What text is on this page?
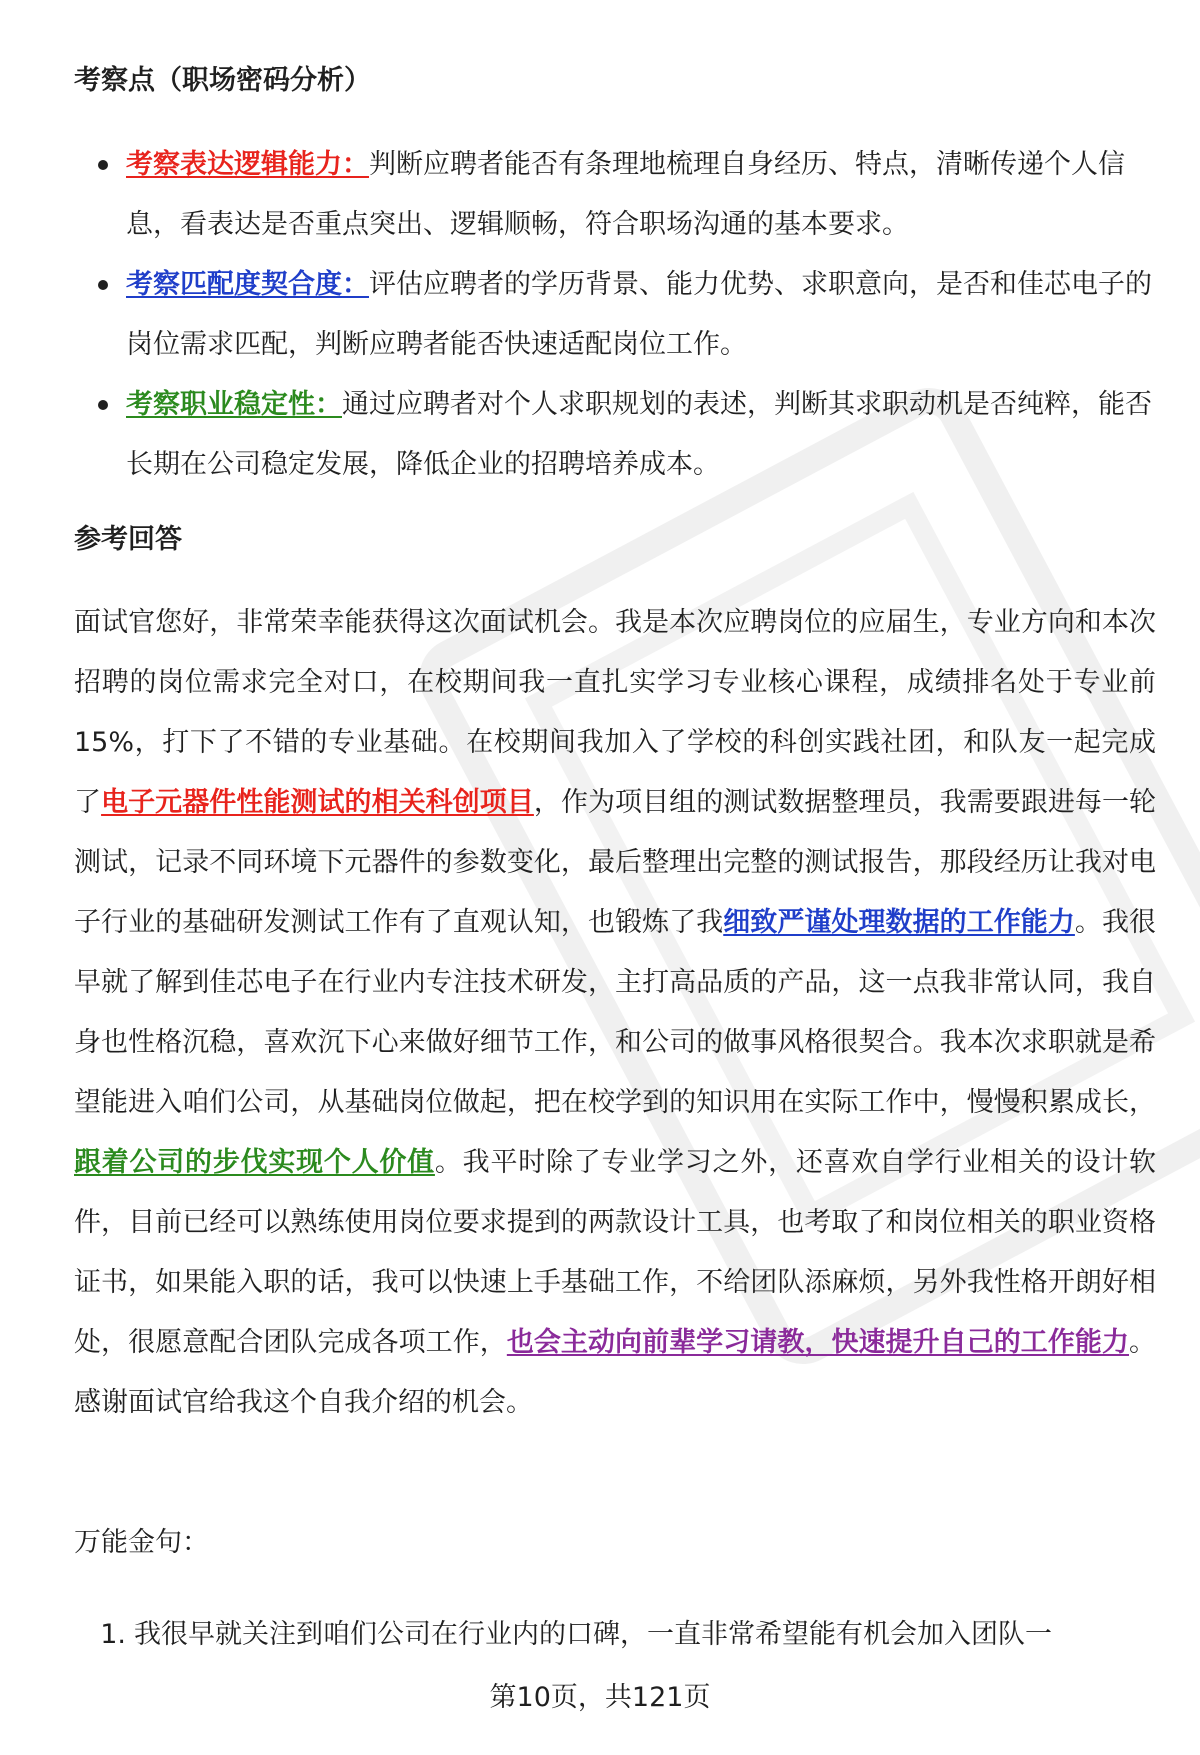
考察点（职场密码分析）
考察表达逻辑能力：判断应聘者能否有条理地梳理自身经历、特点，清晰传递个人信息，看表达是否重点突出、逻辑顺畅，符合职场沟通的基本要求。
考察匹配度契合度：评估应聘者的学历背景、能力优势、求职意向，是否和佳芯电子的岗位需求匹配，判断应聘者能否快速适配岗位工作。
考察职业稳定性：通过应聘者对个人求职规划的表述，判断其求职动机是否纯粹，能否长期在公司稳定发展，降低企业的招聘培养成本。
参考回答

面试官您好，非常荣幸能获得这次面试机会。我是本次应聘岗位的应届生，专业方向和本次招聘的岗位需求完全对口，在校期间我一直扎实学习专业核心课程，成绩排名处于专业前15%，打下了不错的专业基础。在校期间我加入了学校的科创实践社团，和队友一起完成了电子元器件性能测试的相关科创项目，作为项目组的测试数据整理员，我需要跟进每一轮测试，记录不同环境下元器件的参数变化，最后整理出完整的测试报告，那段经历让我对电子行业的基础研发测试工作有了直观认知，也锻炼了我细致严谨处理数据的工作能力。我很早就了解到佳芯电子在行业内专注技术研发，主打高品质的产品，这一点我非常认同，我自身也性格沉稳，喜欢沉下心来做好细节工作，和公司的做事风格很契合。我本次求职就是希望能进入咱们公司，从基础岗位做起，把在校学到的知识用在实际工作中，慢慢积累成长，跟着公司的步伐实现个人价值。我平时除了专业学习之外，还喜欢自学行业相关的设计软件，目前已经可以熟练使用岗位要求提到的两款设计工具，也考取了和岗位相关的职业资格证书，如果能入职的话，我可以快速上手基础工作，不给团队添麻烦，另外我性格开朗好相处，很愿意配合团队完成各项工作，也会主动向前辈学习请教，快速提升自己的工作能力。感谢面试官给我这个自我介绍的机会。

万能金句：

1. 我很早就关注到咱们公司在行业内的口碑，一直非常希望能有机会加入团队一

第10页，共121页
